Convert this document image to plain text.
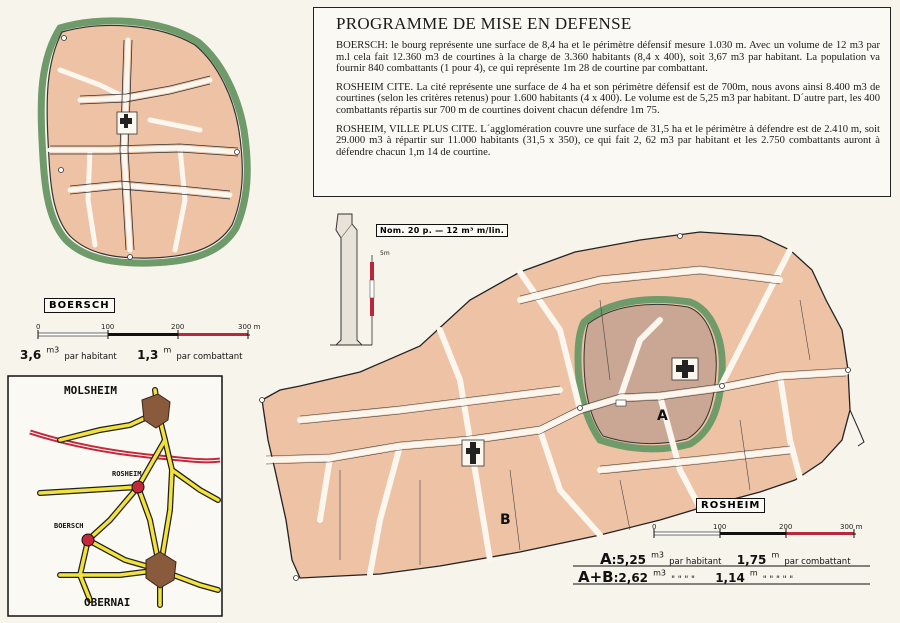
PROGRAMME DE MISE EN DEFENSE

BOERSCH: le bourg représente une surface de 8,4 ha et le périmètre défensif mesure 1.030 m. Avec un volume de 12 m3 par m.l cela fait 12.360 m3 de courtines à la charge de 3.360 habitants (8,4 x 400), soit 3,67 m3 par habitant. La population va fournir 840 combattants (1 pour 4), ce qui représente 1m 28 de courtine par combattant.

ROSHEIM CITE. La cité représente une surface de 4 ha et son périmètre défensif est de 700m, nous avons ainsi 8.400 m3 de courtines (selon les critères retenus) pour 1.600 habitants (4 x 400). Le volume est de 5,25 m3 par habitant. D´autre part, les 400 combattants répartis sur 700 m de courtines doivent chacun défendre 1m 75.

ROSHEIM, VILLE PLUS CITE. L´agglomération couvre une surface de 31,5 ha et le périmètre à défendre est de 2.410 m, soit 29.000 m3 à répartir sur 11.000 habitants (31,5 x 350), ce qui fait 2, 62 m3 par habitant et les 2.750 combattants auront à défendre chacun 1,m 14 de courtine.

BOERSCH
0	100	200	300 m
3,6 $^{m3}$ par habitant 1,3 $^m$ par combattant
Nom. 20 p. — 12 m³ m/lin.
5m
MOLSHEIM
ROSHEIM
BOERSCH
OBERNAI
A
B
ROSHEIM
0	100	200	300 m
A:5,25 $^{m3}$ par habitant 1,75 $^m$ par combattant
A+B:2,62 $^{m3}$ " " " " 1,14 $^m$ " " " " "
